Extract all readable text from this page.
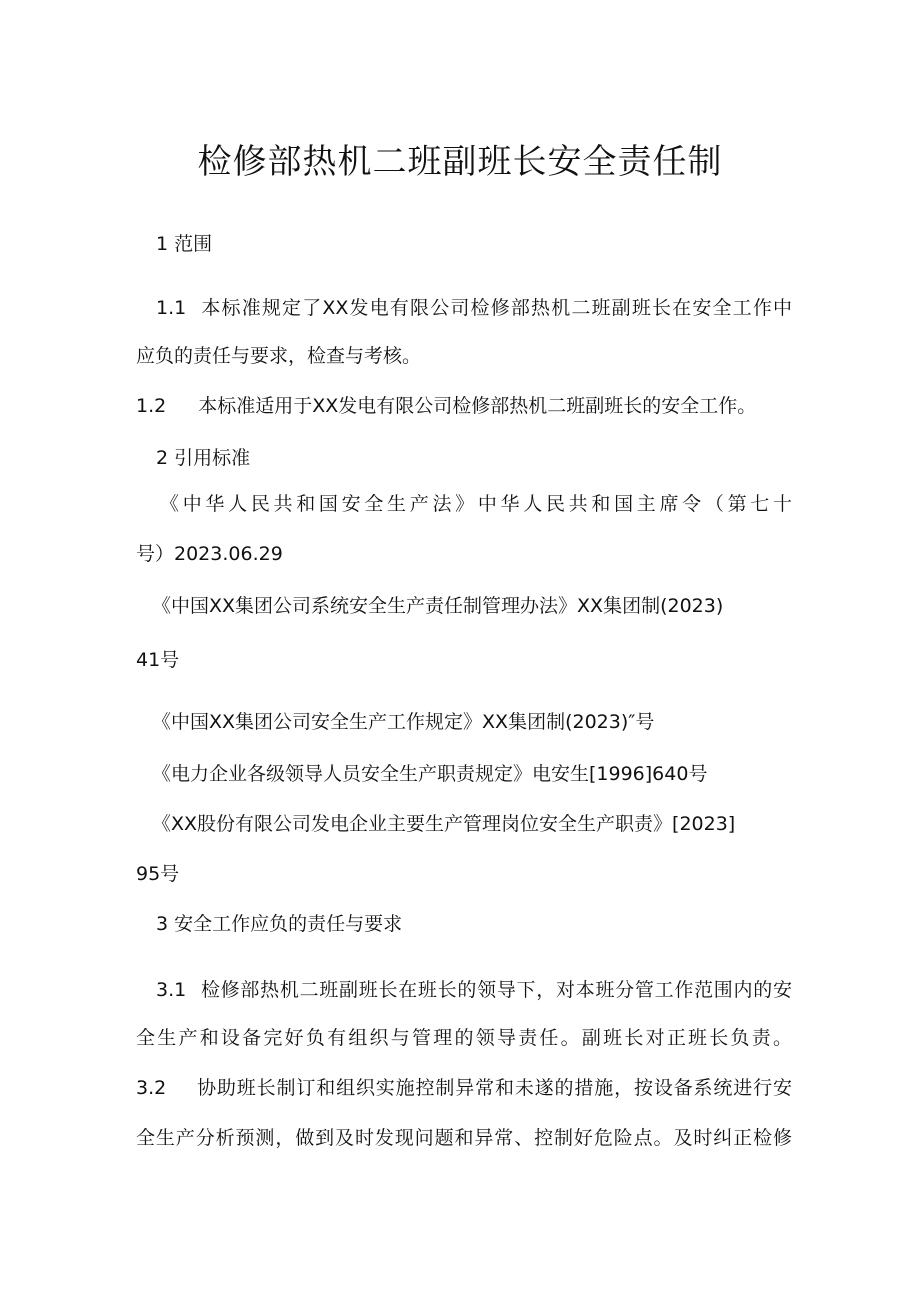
检修部热机二班副班长安全责任制
1 范围
1.1 本标准规定了XX发电有限公司检修部热机二班副班长在安全工作中
应负的责任与要求，检查与考核。
1.2 本标准适用于XX发电有限公司检修部热机二班副班长的安全工作。
2 引用标准
《中华人民共和国安全生产法》中华人民共和国主席令（第七十
号）2023.06.29
《中国XX集团公司系统安全生产责任制管理办法》XX集团制(2023)
41号
《中国XX集团公司安全生产工作规定》XX集团制(2023)″号
《电力企业各级领导人员安全生产职责规定》电安生[1996]640号
《XX股份有限公司发电企业主要生产管理岗位安全生产职责》[2023]
95号
3 安全工作应负的责任与要求
3.1 检修部热机二班副班长在班长的领导下，对本班分管工作范围内的安
全生产和设备完好负有组织与管理的领导责任。副班长对正班长负责。
3.2 协助班长制订和组织实施控制异常和未遂的措施，按设备系统进行安
全生产分析预测，做到及时发现问题和异常、控制好危险点。及时纠正检修
